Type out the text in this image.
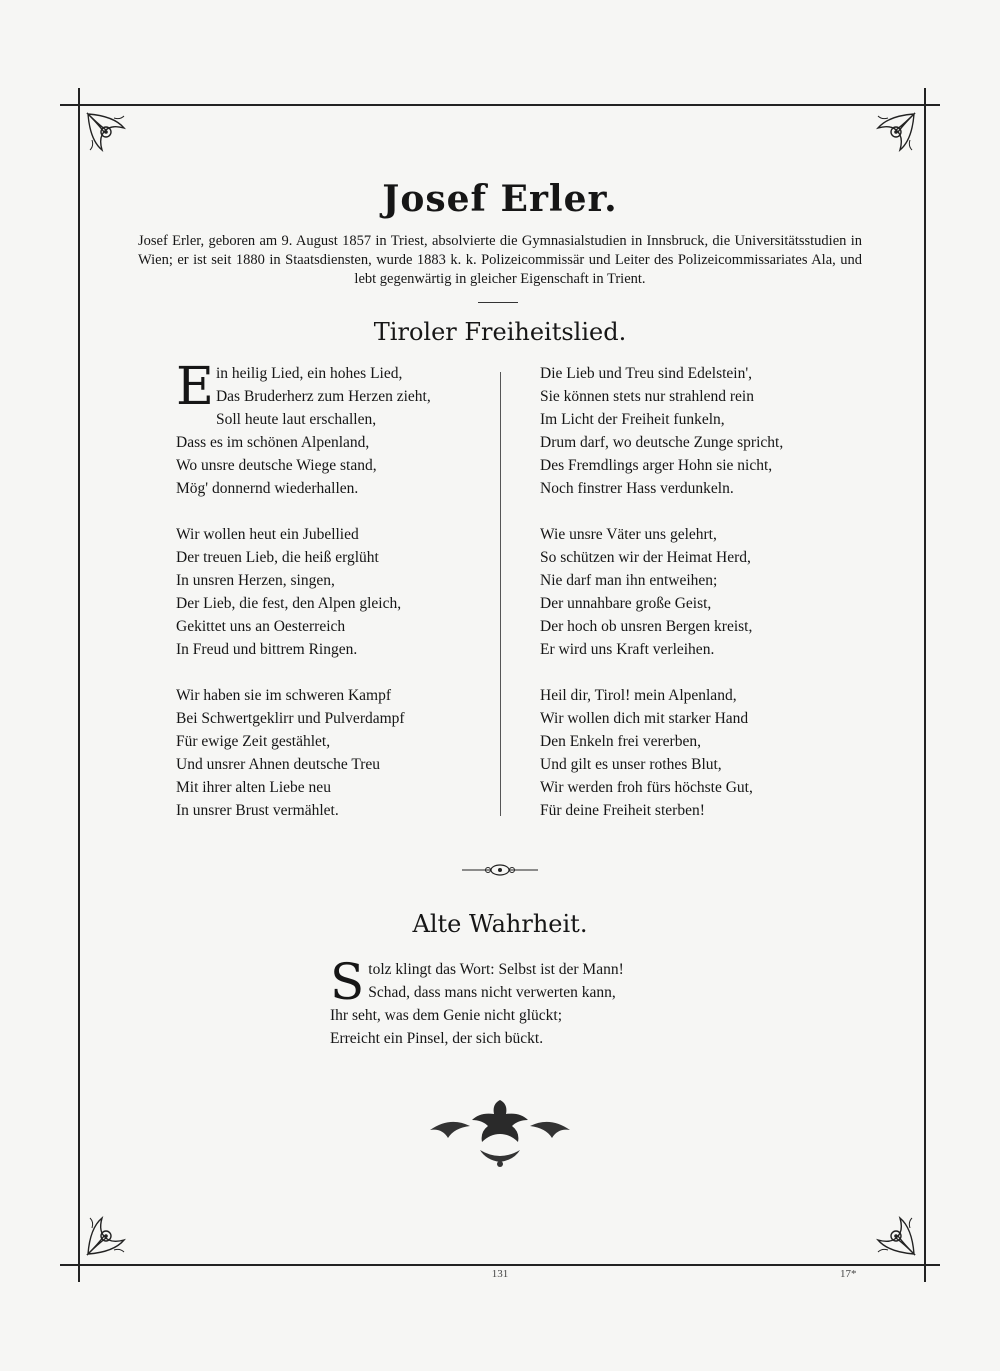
Josef Erler.
Josef Erler, geboren am 9. August 1857 in Triest, absolvierte die Gymnasialstudien in Innsbruck, die Universitätsstudien in Wien; er ist seit 1880 in Staatsdiensten, wurde 1883 k. k. Polizeicommissär und Leiter des Polizeicommissariates Ala, und lebt gegenwärtig in gleicher Eigenschaft in Trient.
Tiroler Freiheitslied.
E in heilig Lied, ein hohes Lied,
Das Bruderherz zum Herzen zieht,
Soll heute laut erschallen,
Dass es im schönen Alpenland,
Wo unsre deutsche Wiege stand,
Mög' donnernd wiederhallen.
Wir wollen heut ein Jubellied
Der treuen Lieb, die heiß erglüht
In unsren Herzen, singen,
Der Lieb, die fest, den Alpen gleich,
Gekittet uns an Oesterreich
In Freud und bittrem Ringen.
Wir haben sie im schweren Kampf
Bei Schwertgeklirr und Pulverdampf
Für ewige Zeit gestählet,
Und unsrer Ahnen deutsche Treu
Mit ihrer alten Liebe neu
In unsrer Brust vermählet.
Die Lieb und Treu sind Edelstein',
Sie können stets nur strahlend rein
Im Licht der Freiheit funkeln,
Drum darf, wo deutsche Zunge spricht,
Des Fremdlings arger Hohn sie nicht,
Noch finstrer Hass verdunkeln.
Wie unsre Väter uns gelehrt,
So schützen wir der Heimat Herd,
Nie darf man ihn entweihen;
Der unnahbare große Geist,
Der hoch ob unsren Bergen kreist,
Er wird uns Kraft verleihen.
Heil dir, Tirol! mein Alpenland,
Wir wollen dich mit starker Hand
Den Enkeln frei vererben,
Und gilt es unser rothes Blut,
Wir werden froh fürs höchste Gut,
Für deine Freiheit sterben!
Alte Wahrheit.
S tolz klingt das Wort: Selbst ist der Mann!
Schad, dass mans nicht verwerten kann,
Ihr seht, was dem Genie nicht glückt;
Erreicht ein Pinsel, der sich bückt.
131	17*
